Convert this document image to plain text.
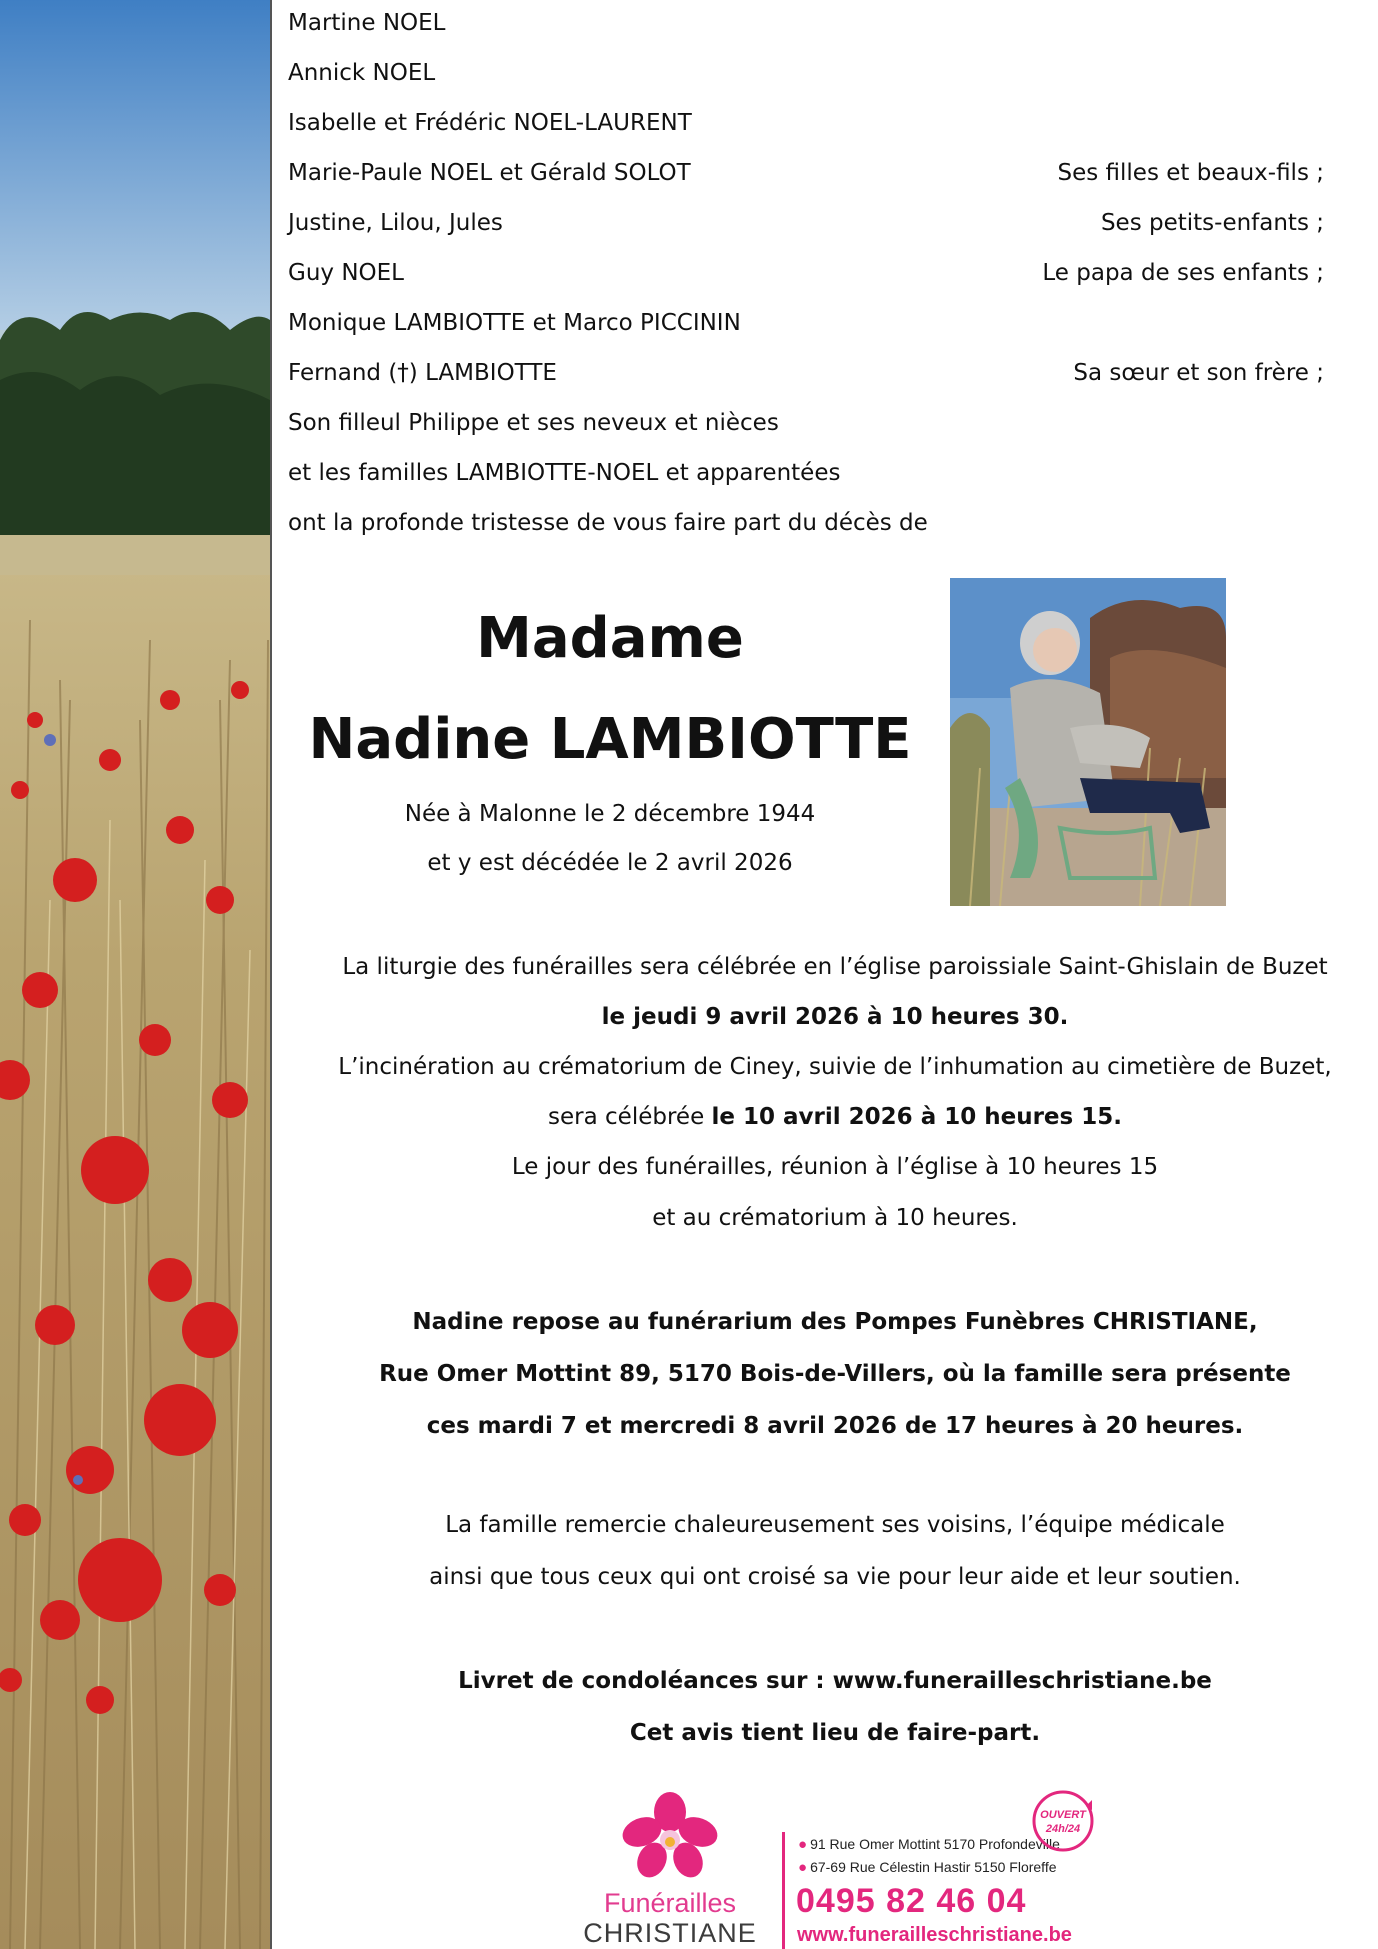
Martine NOEL
Annick NOEL
Isabelle et Frédéric NOEL-LAURENT
Marie-Paule NOEL et Gérald SOLOT	Ses filles et beaux-fils ;
Justine, Lilou, Jules	Ses petits-enfants ;
Guy NOEL	Le papa de ses enfants ;
Monique LAMBIOTTE et Marco PICCININ
Fernand (†) LAMBIOTTE	Sa sœur et son frère ;
Son filleul Philippe et ses neveux et nièces
et les familles LAMBIOTTE-NOEL et apparentées
ont la profonde tristesse de vous faire part du décès de
Madame
Nadine LAMBIOTTE
Née à Malonne le 2 décembre 1944
et y est décédée le 2 avril 2026
La liturgie des funérailles sera célébrée en l’église paroissiale Saint-Ghislain de Buzet
le jeudi 9 avril 2026 à 10 heures 30.
L’incinération au crématorium de Ciney, suivie de l’inhumation au cimetière de Buzet,
sera célébrée le 10 avril 2026 à 10 heures 15.
Le jour des funérailles, réunion à l’église à 10 heures 15
et au crématorium à 10 heures.
Nadine repose au funérarium des Pompes Funèbres CHRISTIANE,
Rue Omer Mottint 89, 5170 Bois-de-Villers, où la famille sera présente
ces mardi 7 et mercredi 8 avril 2026 de 17 heures à 20 heures.
La famille remercie chaleureusement ses voisins, l’équipe médicale
ainsi que tous ceux qui ont croisé sa vie pour leur aide et leur soutien.
Livret de condoléances sur : www.funerailleschristiane.be
Cet avis tient lieu de faire-part.
Funérailles
CHRISTIANE
● 91 Rue Omer Mottint 5170 Profondeville
● 67-69 Rue Célestin Hastir 5150 Floreffe
0495 82 46 04
www.funerailleschristiane.be
OUVERT
24h/24
